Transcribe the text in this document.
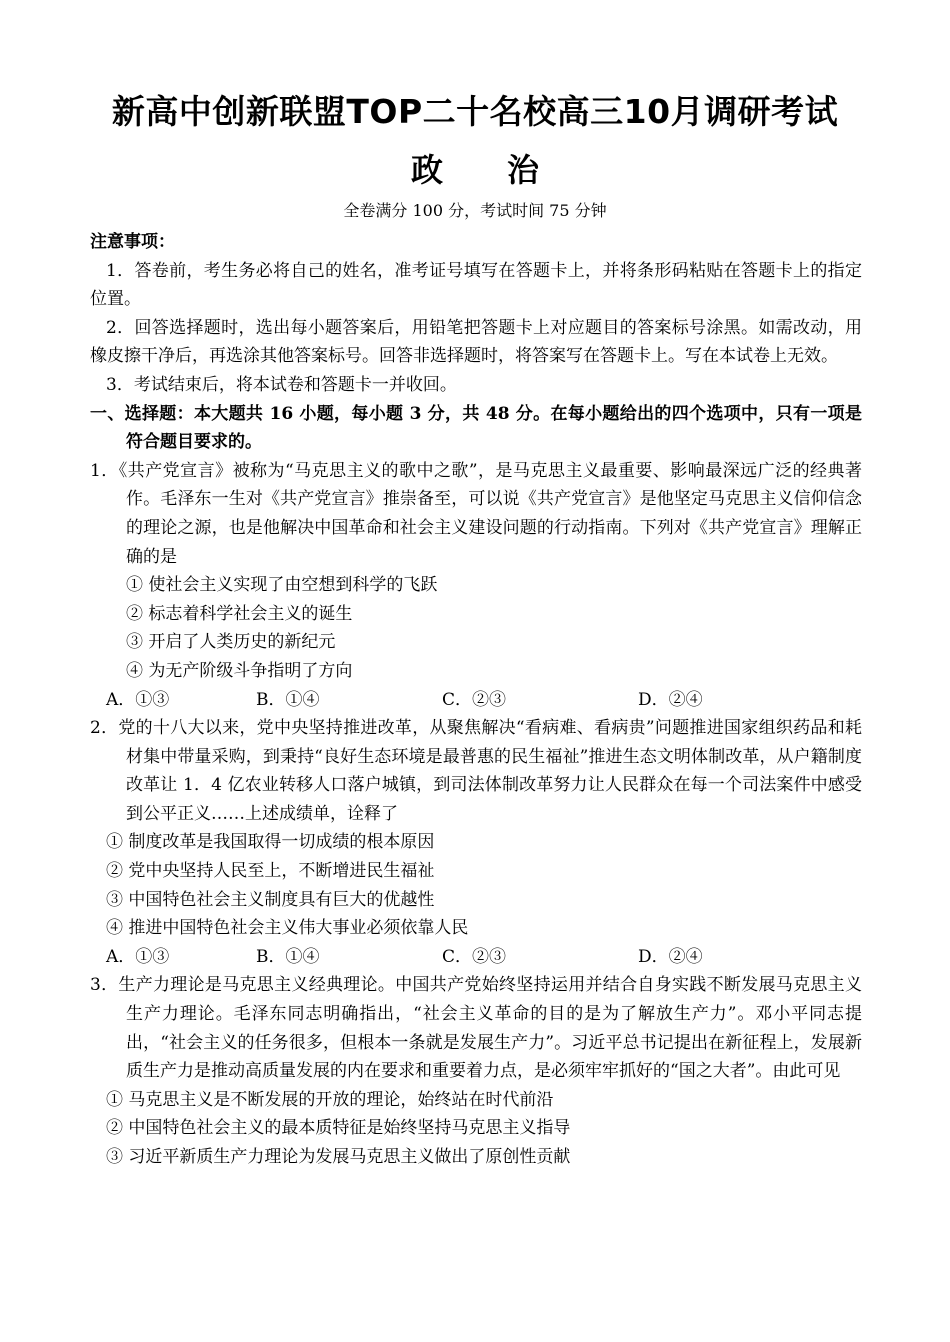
新高中创新联盟TOP二十名校高三10月调研考试
政　　治
全卷满分 100 分，考试时间 75 分钟

注意事项：

1．答卷前，考生务必将自己的姓名，准考证号填写在答题卡上，并将条形码粘贴在答题卡上的指定位置。

2．回答选择题时，选出每小题答案后，用铅笔把答题卡上对应题目的答案标号涂黑。如需改动，用橡皮擦干净后，再选涂其他答案标号。回答非选择题时，将答案写在答题卡上。写在本试卷上无效。

3．考试结束后，将本试卷和答题卡一并收回。

一、选择题：本大题共 16 小题，每小题 3 分，共 48 分。在每小题给出的四个选项中，只有一项是符合题目要求的。

1．《共产党宣言》被称为“马克思主义的歌中之歌”，是马克思主义最重要、影响最深远广泛的经典著作。毛泽东一生对《共产党宣言》推崇备至，可以说《共产党宣言》是他坚定马克思主义信仰信念的理论之源，也是他解决中国革命和社会主义建设问题的行动指南。下列对《共产党宣言》理解正确的是

① 使社会主义实现了由空想到科学的飞跃

② 标志着科学社会主义的诞生

③ 开启了人类历史的新纪元

④ 为无产阶级斗争指明了方向

A．①③	B．①④	C．②③	D．②④

2．党的十八大以来，党中央坚持推进改革，从聚焦解决“看病难、看病贵”问题推进国家组织药品和耗材集中带量采购，到秉持“良好生态环境是最普惠的民生福祉”推进生态文明体制改革，从户籍制度改革让 1．4 亿农业转移人口落户城镇，到司法体制改革努力让人民群众在每一个司法案件中感受到公平正义……上述成绩单，诠释了

① 制度改革是我国取得一切成绩的根本原因

② 党中央坚持人民至上，不断增进民生福祉

③ 中国特色社会主义制度具有巨大的优越性

④ 推进中国特色社会主义伟大事业必须依靠人民

A．①③	B．①④	C．②③	D．②④

3．生产力理论是马克思主义经典理论。中国共产党始终坚持运用并结合自身实践不断发展马克思主义生产力理论。毛泽东同志明确指出，“社会主义革命的目的是为了解放生产力”。邓小平同志提出，“社会主义的任务很多，但根本一条就是发展生产力”。习近平总书记提出在新征程上，发展新质生产力是推动高质量发展的内在要求和重要着力点，是必须牢牢抓好的“国之大者”。由此可见

① 马克思主义是不断发展的开放的理论，始终站在时代前沿

② 中国特色社会主义的最本质特征是始终坚持马克思主义指导

③ 习近平新质生产力理论为发展马克思主义做出了原创性贡献
